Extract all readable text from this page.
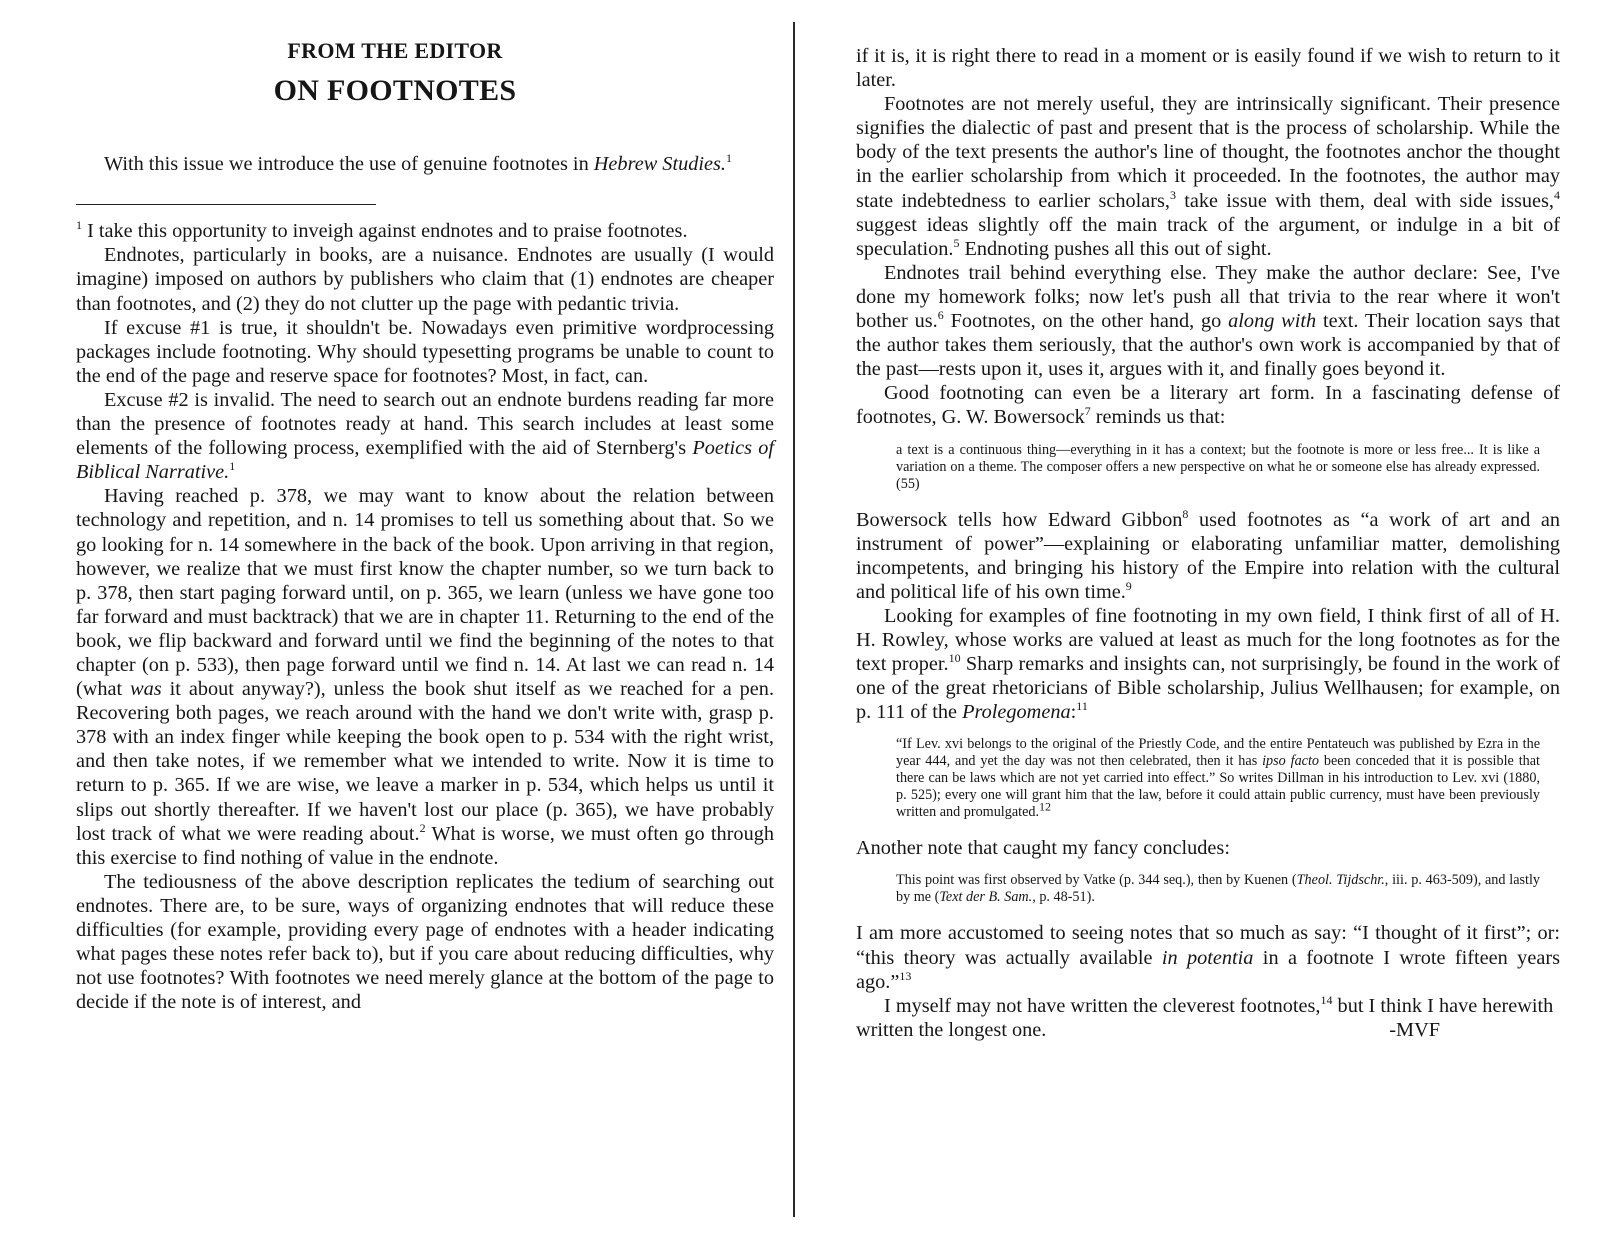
FROM THE EDITOR
ON FOOTNOTES

With this issue we introduce the use of genuine footnotes in Hebrew Studies.$^1$

$^1$ I take this opportunity to inveigh against endnotes and to praise footnotes.

Endnotes, particularly in books, are a nuisance. Endnotes are usually (I would imagine) imposed on authors by publishers who claim that (1) endnotes are cheaper than footnotes, and (2) they do not clutter up the page with pedantic trivia.

If excuse #1 is true, it shouldn't be. Nowadays even primitive wordprocessing packages include footnoting. Why should typesetting programs be unable to count to the end of the page and reserve space for footnotes? Most, in fact, can.

Excuse #2 is invalid. The need to search out an endnote burdens reading far more than the presence of footnotes ready at hand. This search includes at least some elements of the following process, exemplified with the aid of Sternberg's Poetics of Biblical Narrative.$^1$

Having reached p. 378, we may want to know about the relation between technology and repetition, and n. 14 promises to tell us something about that. So we go looking for n. 14 somewhere in the back of the book. Upon arriving in that region, however, we realize that we must first know the chapter number, so we turn back to p. 378, then start paging forward until, on p. 365, we learn (unless we have gone too far forward and must backtrack) that we are in chapter 11. Returning to the end of the book, we flip backward and forward until we find the beginning of the notes to that chapter (on p. 533), then page forward until we find n. 14. At last we can read n. 14 (what was it about anyway?), unless the book shut itself as we reached for a pen. Recovering both pages, we reach around with the hand we don't write with, grasp p. 378 with an index finger while keeping the book open to p. 534 with the right wrist, and then take notes, if we remember what we intended to write. Now it is time to return to p. 365. If we are wise, we leave a marker in p. 534, which helps us until it slips out shortly thereafter. If we haven't lost our place (p. 365), we have probably lost track of what we were reading about.$^2$ What is worse, we must often go through this exercise to find nothing of value in the endnote.

The tediousness of the above description replicates the tedium of searching out endnotes. There are, to be sure, ways of organizing endnotes that will reduce these difficulties (for example, providing every page of endnotes with a header indicating what pages these notes refer back to), but if you care about reducing difficulties, why not use footnotes? With footnotes we need merely glance at the bottom of the page to decide if the note is of interest, and

if it is, it is right there to read in a moment or is easily found if we wish to return to it later.

Footnotes are not merely useful, they are intrinsically significant. Their presence signifies the dialectic of past and present that is the process of scholarship. While the body of the text presents the author's line of thought, the footnotes anchor the thought in the earlier scholarship from which it proceeded. In the footnotes, the author may state indebtedness to earlier scholars,$^3$ take issue with them, deal with side issues,$^4$ suggest ideas slightly off the main track of the argument, or indulge in a bit of speculation.$^5$ Endnoting pushes all this out of sight.

Endnotes trail behind everything else. They make the author declare: See, I've done my homework folks; now let's push all that trivia to the rear where it won't bother us.$^6$ Footnotes, on the other hand, go along with text. Their location says that the author takes them seriously, that the author's own work is accompanied by that of the past—rests upon it, uses it, argues with it, and finally goes beyond it.

Good footnoting can even be a literary art form. In a fascinating defense of footnotes, G. W. Bowersock$^7$ reminds us that:

a text is a continuous thing—everything in it has a context; but the footnote is more or less free... It is like a variation on a theme. The composer offers a new perspective on what he or someone else has already expressed. (55)

Bowersock tells how Edward Gibbon$^8$ used footnotes as “a work of art and an instrument of power”—explaining or elaborating unfamiliar matter, demolishing incompetents, and bringing his history of the Empire into relation with the cultural and political life of his own time.$^9$

Looking for examples of fine footnoting in my own field, I think first of all of H. H. Rowley, whose works are valued at least as much for the long footnotes as for the text proper.$^{10}$ Sharp remarks and insights can, not surprisingly, be found in the work of one of the great rhetoricians of Bible scholarship, Julius Wellhausen; for example, on p. 111 of the Prolegomena:$^{11}$

“If Lev. xvi belongs to the original of the Priestly Code, and the entire Pentateuch was published by Ezra in the year 444, and yet the day was not then celebrated, then it has ipso facto been conceded that it is possible that there can be laws which are not yet carried into effect.” So writes Dillman in his introduction to Lev. xvi (1880, p. 525); every one will grant him that the law, before it could attain public currency, must have been previously written and promulgated.$^{12}$

Another note that caught my fancy concludes:

This point was first observed by Vatke (p. 344 seq.), then by Kuenen (Theol. Tijdschr., iii. p. 463-509), and lastly by me (Text der B. Sam., p. 48-51).

I am more accustomed to seeing notes that so much as say: “I thought of it first”; or: “this theory was actually available in potentia in a footnote I wrote fifteen years ago.”$^{13}$

I myself may not have written the cleverest footnotes,$^{14}$ but I think I have herewith written the longest one.	-MVF
